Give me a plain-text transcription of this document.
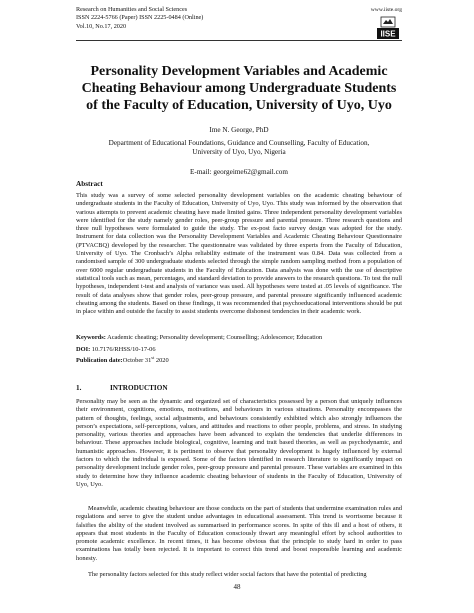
Research on Humanities and Social Sciences
ISSN 2224-5766 (Paper) ISSN 2225-0484 (Online)
Vol.10, No.17, 2020
www.iiste.org
IISE
Personality Development Variables and Academic Cheating Behaviour among Undergraduate Students of the Faculty of Education, University of Uyo, Uyo
Ime N. George, PhD
Department of Educational Foundations, Guidance and Counselling, Faculty of Education, University of Uyo, Uyo, Nigeria
E-mail: georgeime62@gmail.com
Abstract
This study was a survey of some selected personality development variables on the academic cheating behaviour of undergraduate students in the Faculty of Education, University of Uyo, Uyo. This study was informed by the observation that various attempts to prevent academic cheating have made limited gains. Three independent personality development variables were identified for the study namely gender roles, peer-group pressure and parental pressure. Three research questions and three null hypotheses were formulated to guide the study. The ex-post facto survey design was adopted for the study. Instrument for data collection was the Personality Development Variables and Academic Cheating Behaviour Questionnaire (PTVACBQ) developed by the researcher. The questionnaire was validated by three experts from the Faculty of Education, University of Uyo. The Cronbach’s Alpha reliability estimate of the instrument was 0.84. Data was collected from a randomised sample of 300 undergraduate students selected through the simple random sampling method from a population of over 6000 regular undergraduate students in the Faculty of Education. Data analysis was done with the use of descriptive statistical tools such as mean, percentages, and standard deviation to provide answers to the research questions. To test the null hypotheses, independent t-test and analysis of variance was used. All hypotheses were tested at .05 levels of significance. The result of data analyses show that gender roles, peer-group pressure, and parental pressure significantly influenced academic cheating among the students. Based on these findings, it was recommended that psychoeducational interventions should be put in place within and outside the faculty to assist students overcome dishonest tendencies in their academic work.
Keywords: Academic cheating; Personality development; Counselling; Adolescence; Education
DOI: 10.7176/RHSS/10-17-06
Publication date:October 31st 2020
1.	INTRODUCTION
Personality may be seen as the dynamic and organized set of characteristics possessed by a person that uniquely influences their environment, cognitions, emotions, motivations, and behaviours in various situations. Personality encompasses the pattern of thoughts, feelings, social adjustments, and behaviours consistently exhibited which also strongly influences the person’s expectations, self-perceptions, values, and attitudes and reactions to other people, problems, and stress. In studying personality, various theories and approaches have been advanced to explain the tendencies that underlie differences in behaviour. These approaches include biological, cognitive, learning and trait based theories, as well as psychodynamic, and humanistic approaches. However, it is pertinent to observe that personality development is hugely influenced by external factors to which the individual is exposed. Some of the factors identified in research literature to significantly impact on personality development include gender roles, peer-group pressure and parental pressure. These variables are examined in this study to determine how they influence academic cheating behaviour of students in the Faculty of Education, University of Uyo, Uyo.
Meanwhile, academic cheating behaviour are those conducts on the part of students that undermine examination rules and regulations and serve to give the student undue advantages in educational assessment. This trend is worrisome because it falsifies the ability of the student involved as summarised in performance scores. In spite of this ill and a host of others, it appears that most students in the Faculty of Education consciously thwart any meaningful effort by school authorities to promote academic excellence. In recent times, it has become obvious that the principle to study hard in order to pass examinations has totally been rejected. It is important to correct this trend and boost responsible learning and academic honesty.
The personality factors selected for this study reflect wider social factors that have the potential of predicting
48
